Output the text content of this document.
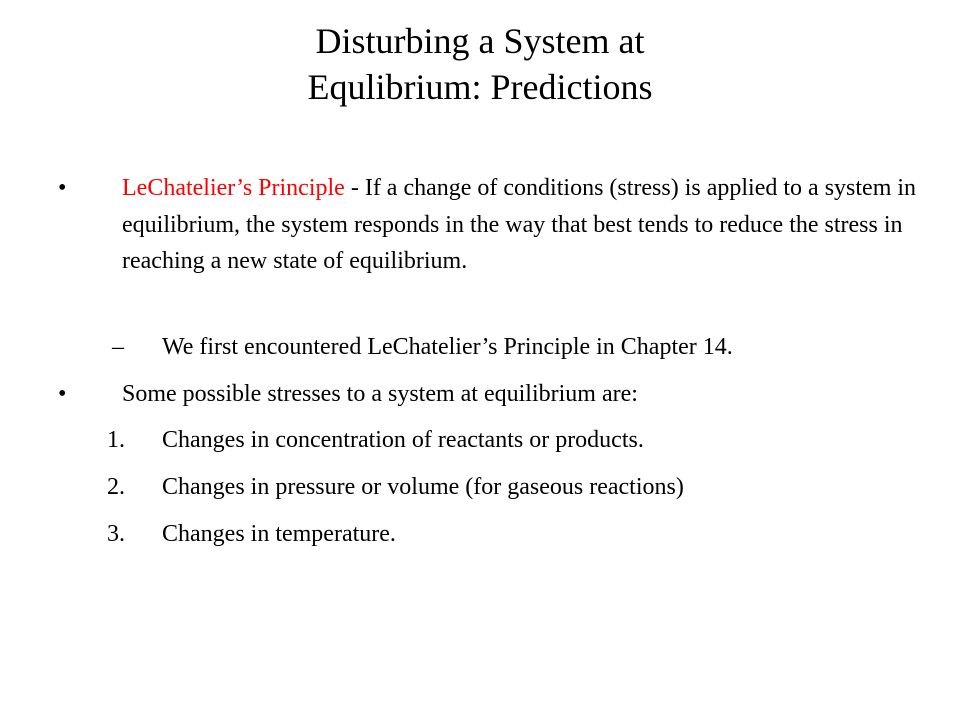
Disturbing a System at
Equlibrium: Predictions
• LeChatelier’s Principle - If a change of conditions (stress) is applied to a system in equilibrium, the system responds in the way that best tends to reduce the stress in reaching a new state of equilibrium.
– We first encountered LeChatelier’s Principle in Chapter 14.
• Some possible stresses to a system at equilibrium are:
1. Changes in concentration of reactants or products.
2. Changes in pressure or volume (for gaseous reactions)
3. Changes in temperature.
